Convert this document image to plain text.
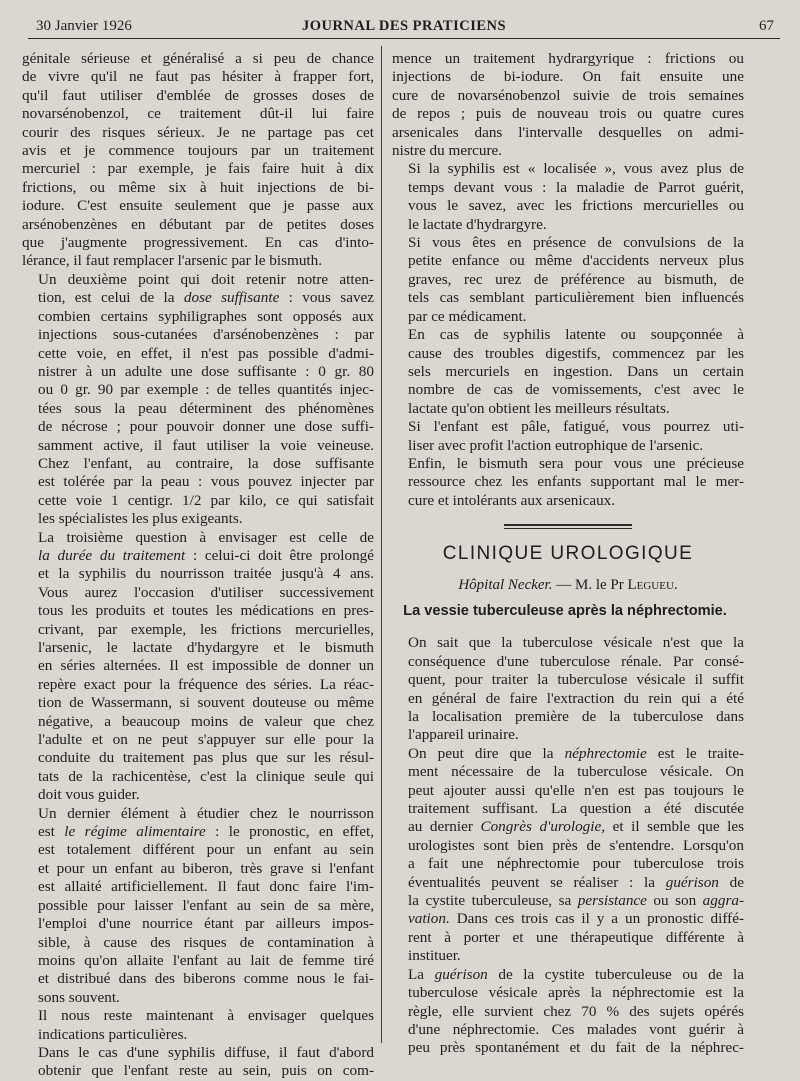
30 Janvier 1926	JOURNAL DES PRATICIENS	67

génitale sérieuse et généralisé a si peu de chance
de vivre qu'il ne faut pas hésiter à frapper fort,
qu'il faut utiliser d'emblée de grosses doses de
novarsénobenzol, ce traitement dût-il lui faire
courir des risques sérieux. Je ne partage pas cet
avis et je commence toujours par un traitement
mercuriel : par exemple, je fais faire huit à dix
frictions, ou même six à huit injections de bi-
iodure. C'est ensuite seulement que je passe aux
arsénobenzènes en débutant par de petites doses
que j'augmente progressivement. En cas d'into-
lérance, il faut remplacer l'arsenic par le bismuth.

Un deuxième point qui doit retenir notre atten-
tion, est celui de la dose suffisante : vous savez
combien certains syphiligraphes sont opposés aux
injections sous-cutanées d'arsénobenzènes : par
cette voie, en effet, il n'est pas possible d'admi-
nistrer à un adulte une dose suffisante : 0 gr. 80
ou 0 gr. 90 par exemple : de telles quantités injec-
tées sous la peau déterminent des phénomènes
de nécrose ; pour pouvoir donner une dose suffi-
samment active, il faut utiliser la voie veineuse.
Chez l'enfant, au contraire, la dose suffisante
est tolérée par la peau : vous pouvez injecter par
cette voie 1 centigr. 1/2 par kilo, ce qui satisfait
les spécialistes les plus exigeants.

La troisième question à envisager est celle de
la durée du traitement : celui-ci doit être prolongé
et la syphilis du nourrisson traitée jusqu'à 4 ans.
Vous aurez l'occasion d'utiliser successivement
tous les produits et toutes les médications en pres-
crivant, par exemple, les frictions mercurielles,
l'arsenic, le lactate d'hydargyre et le bismuth
en séries alternées. Il est impossible de donner un
repère exact pour la fréquence des séries. La réac-
tion de Wassermann, si souvent douteuse ou même
négative, a beaucoup moins de valeur que chez
l'adulte et on ne peut s'appuyer sur elle pour la
conduite du traitement pas plus que sur les résul-
tats de la rachicentèse, c'est la clinique seule qui
doit vous guider.

Un dernier élément à étudier chez le nourrisson
est le régime alimentaire : le pronostic, en effet,
est totalement différent pour un enfant au sein
et pour un enfant au biberon, très grave si l'enfant
est allaité artificiellement. Il faut donc faire l'im-
possible pour laisser l'enfant au sein de sa mère,
l'emploi d'une nourrice étant par ailleurs impos-
sible, à cause des risques de contamination à
moins qu'on allaite l'enfant au lait de femme tiré
et distribué dans des biberons comme nous le fai-
sons souvent.

Il nous reste maintenant à envisager quelques
indications particulières.

Dans le cas d'une syphilis diffuse, il faut d'abord
obtenir que l'enfant reste au sein, puis on com-

mence un traitement hydrargyrique : frictions ou
injections de bi-iodure. On fait ensuite une
cure de novarsénobenzol suivie de trois semaines
de repos ; puis de nouveau trois ou quatre cures
arsenicales dans l'intervalle desquelles on admi-
nistre du mercure.

Si la syphilis est « localisée », vous avez plus de
temps devant vous : la maladie de Parrot guérit,
vous le savez, avec les frictions mercurielles ou
le lactate d'hydrargyre.

Si vous êtes en présence de convulsions de la
petite enfance ou même d'accidents nerveux plus
graves, rec urez de préférence au bismuth, de
tels cas semblant particulièrement bien influencés
par ce médicament.

En cas de syphilis latente ou soupçonnée à
cause des troubles digestifs, commencez par les
sels mercuriels en ingestion. Dans un certain
nombre de cas de vomissements, c'est avec le
lactate qu'on obtient les meilleurs résultats.

Si l'enfant est pâle, fatigué, vous pourrez uti-
liser avec profit l'action eutrophique de l'arsenic.

Enfin, le bismuth sera pour vous une précieuse
ressource chez les enfants supportant mal le mer-
cure et intolérants aux arsenicaux.

CLINIQUE UROLOGIQUE
Hôpital Necker. — M. le Pr Legueu.
La vessie tuberculeuse après la néphrectomie.

On sait que la tuberculose vésicale n'est que la
conséquence d'une tuberculose rénale. Par consé-
quent, pour traiter la tuberculose vésicale il suffit
en général de faire l'extraction du rein qui a été
la localisation première de la tuberculose dans
l'appareil urinaire.

On peut dire que la néphrectomie est le traite-
ment nécessaire de la tuberculose vésicale. On
peut ajouter aussi qu'elle n'en est pas toujours le
traitement suffisant. La question a été discutée
au dernier Congrès d'urologie, et il semble que les
urologistes sont bien près de s'entendre. Lorsqu'on
a fait une néphrectomie pour tuberculose trois
éventualités peuvent se réaliser : la guérison de
la cystite tuberculeuse, sa persistance ou son aggra-
vation. Dans ces trois cas il y a un pronostic diffé-
rent à porter et une thérapeutique différente à
instituer.

La guérison de la cystite tuberculeuse ou de la
tuberculose vésicale après la néphrectomie est la
règle, elle survient chez 70 % des sujets opérés
d'une néphrectomie. Ces malades vont guérir à
peu près spontanément et du fait de la néphrec-
